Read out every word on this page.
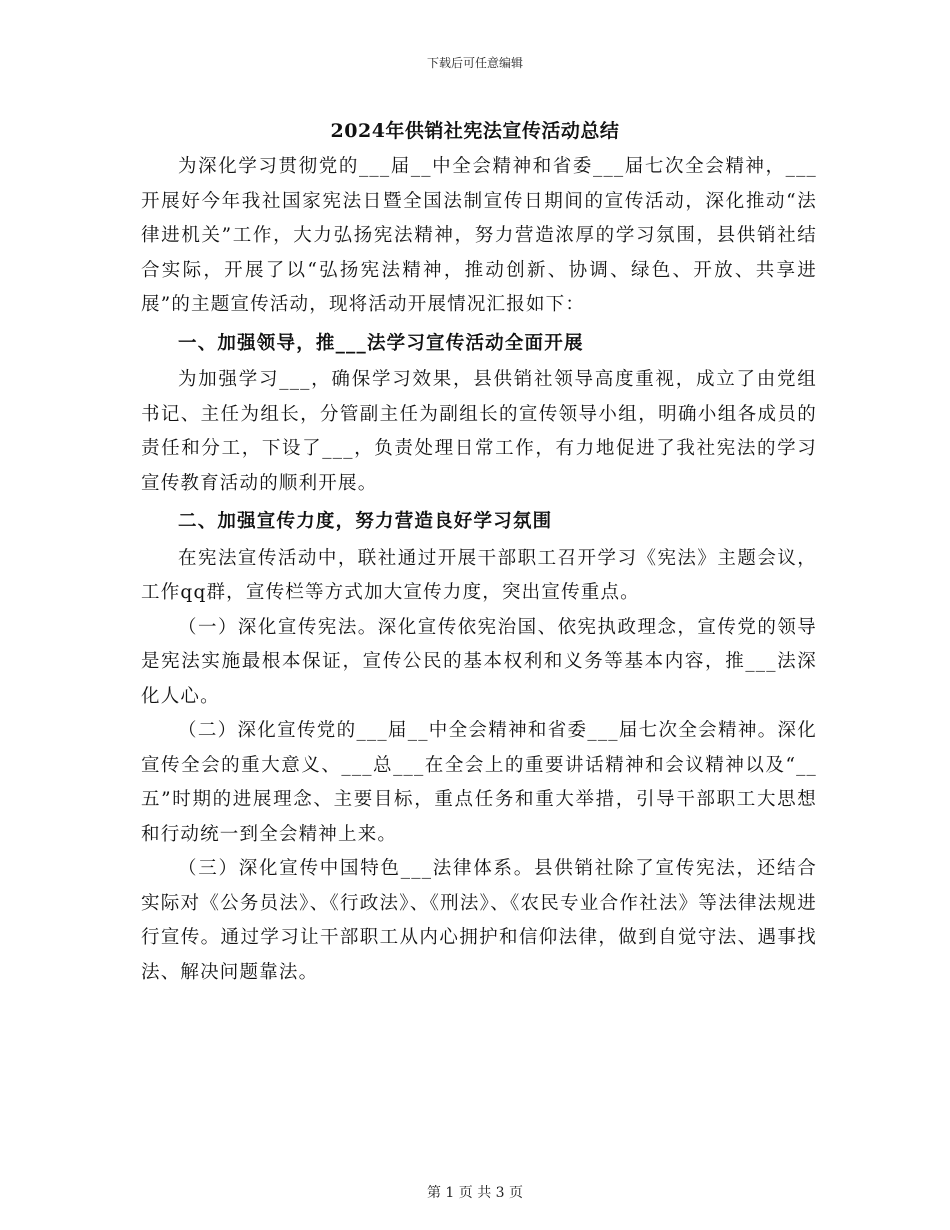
下载后可任意编辑
2024年供销社宪法宣传活动总结

为深化学习贯彻党的___届__中全会精神和省委___届七次全会精神，___开展好今年我社国家宪法日暨全国法制宣传日期间的宣传活动，深化推动“法律进机关”工作，大力弘扬宪法精神，努力营造浓厚的学习氛围，县供销社结合实际，开展了以“弘扬宪法精神，推动创新、协调、绿色、开放、共享进展”的主题宣传活动，现将活动开展情况汇报如下：

一、加强领导，推___法学习宣传活动全面开展

为加强学习___，确保学习效果，县供销社领导高度重视，成立了由党组书记、主任为组长，分管副主任为副组长的宣传领导小组，明确小组各成员的责任和分工，下设了___，负责处理日常工作，有力地促进了我社宪法的学习宣传教育活动的顺利开展。

二、加强宣传力度，努力营造良好学习氛围

在宪法宣传活动中，联社通过开展干部职工召开学习《宪法》主题会议，工作qq群，宣传栏等方式加大宣传力度，突出宣传重点。

（一）深化宣传宪法。深化宣传依宪治国、依宪执政理念，宣传党的领导是宪法实施最根本保证，宣传公民的基本权利和义务等基本内容，推___法深化人心。

（二）深化宣传党的___届__中全会精神和省委___届七次全会精神。深化宣传全会的重大意义、___总___在全会上的重要讲话精神和会议精神以及“__五”时期的进展理念、主要目标，重点任务和重大举措，引导干部职工大思想和行动统一到全会精神上来。

（三）深化宣传中国特色___法律体系。县供销社除了宣传宪法，还结合实际对《公务员法》、《行政法》、《刑法》、《农民专业合作社法》等法律法规进行宣传。通过学习让干部职工从内心拥护和信仰法律，做到自觉守法、遇事找法、解决问题靠法。

第 1 页 共 3 页
